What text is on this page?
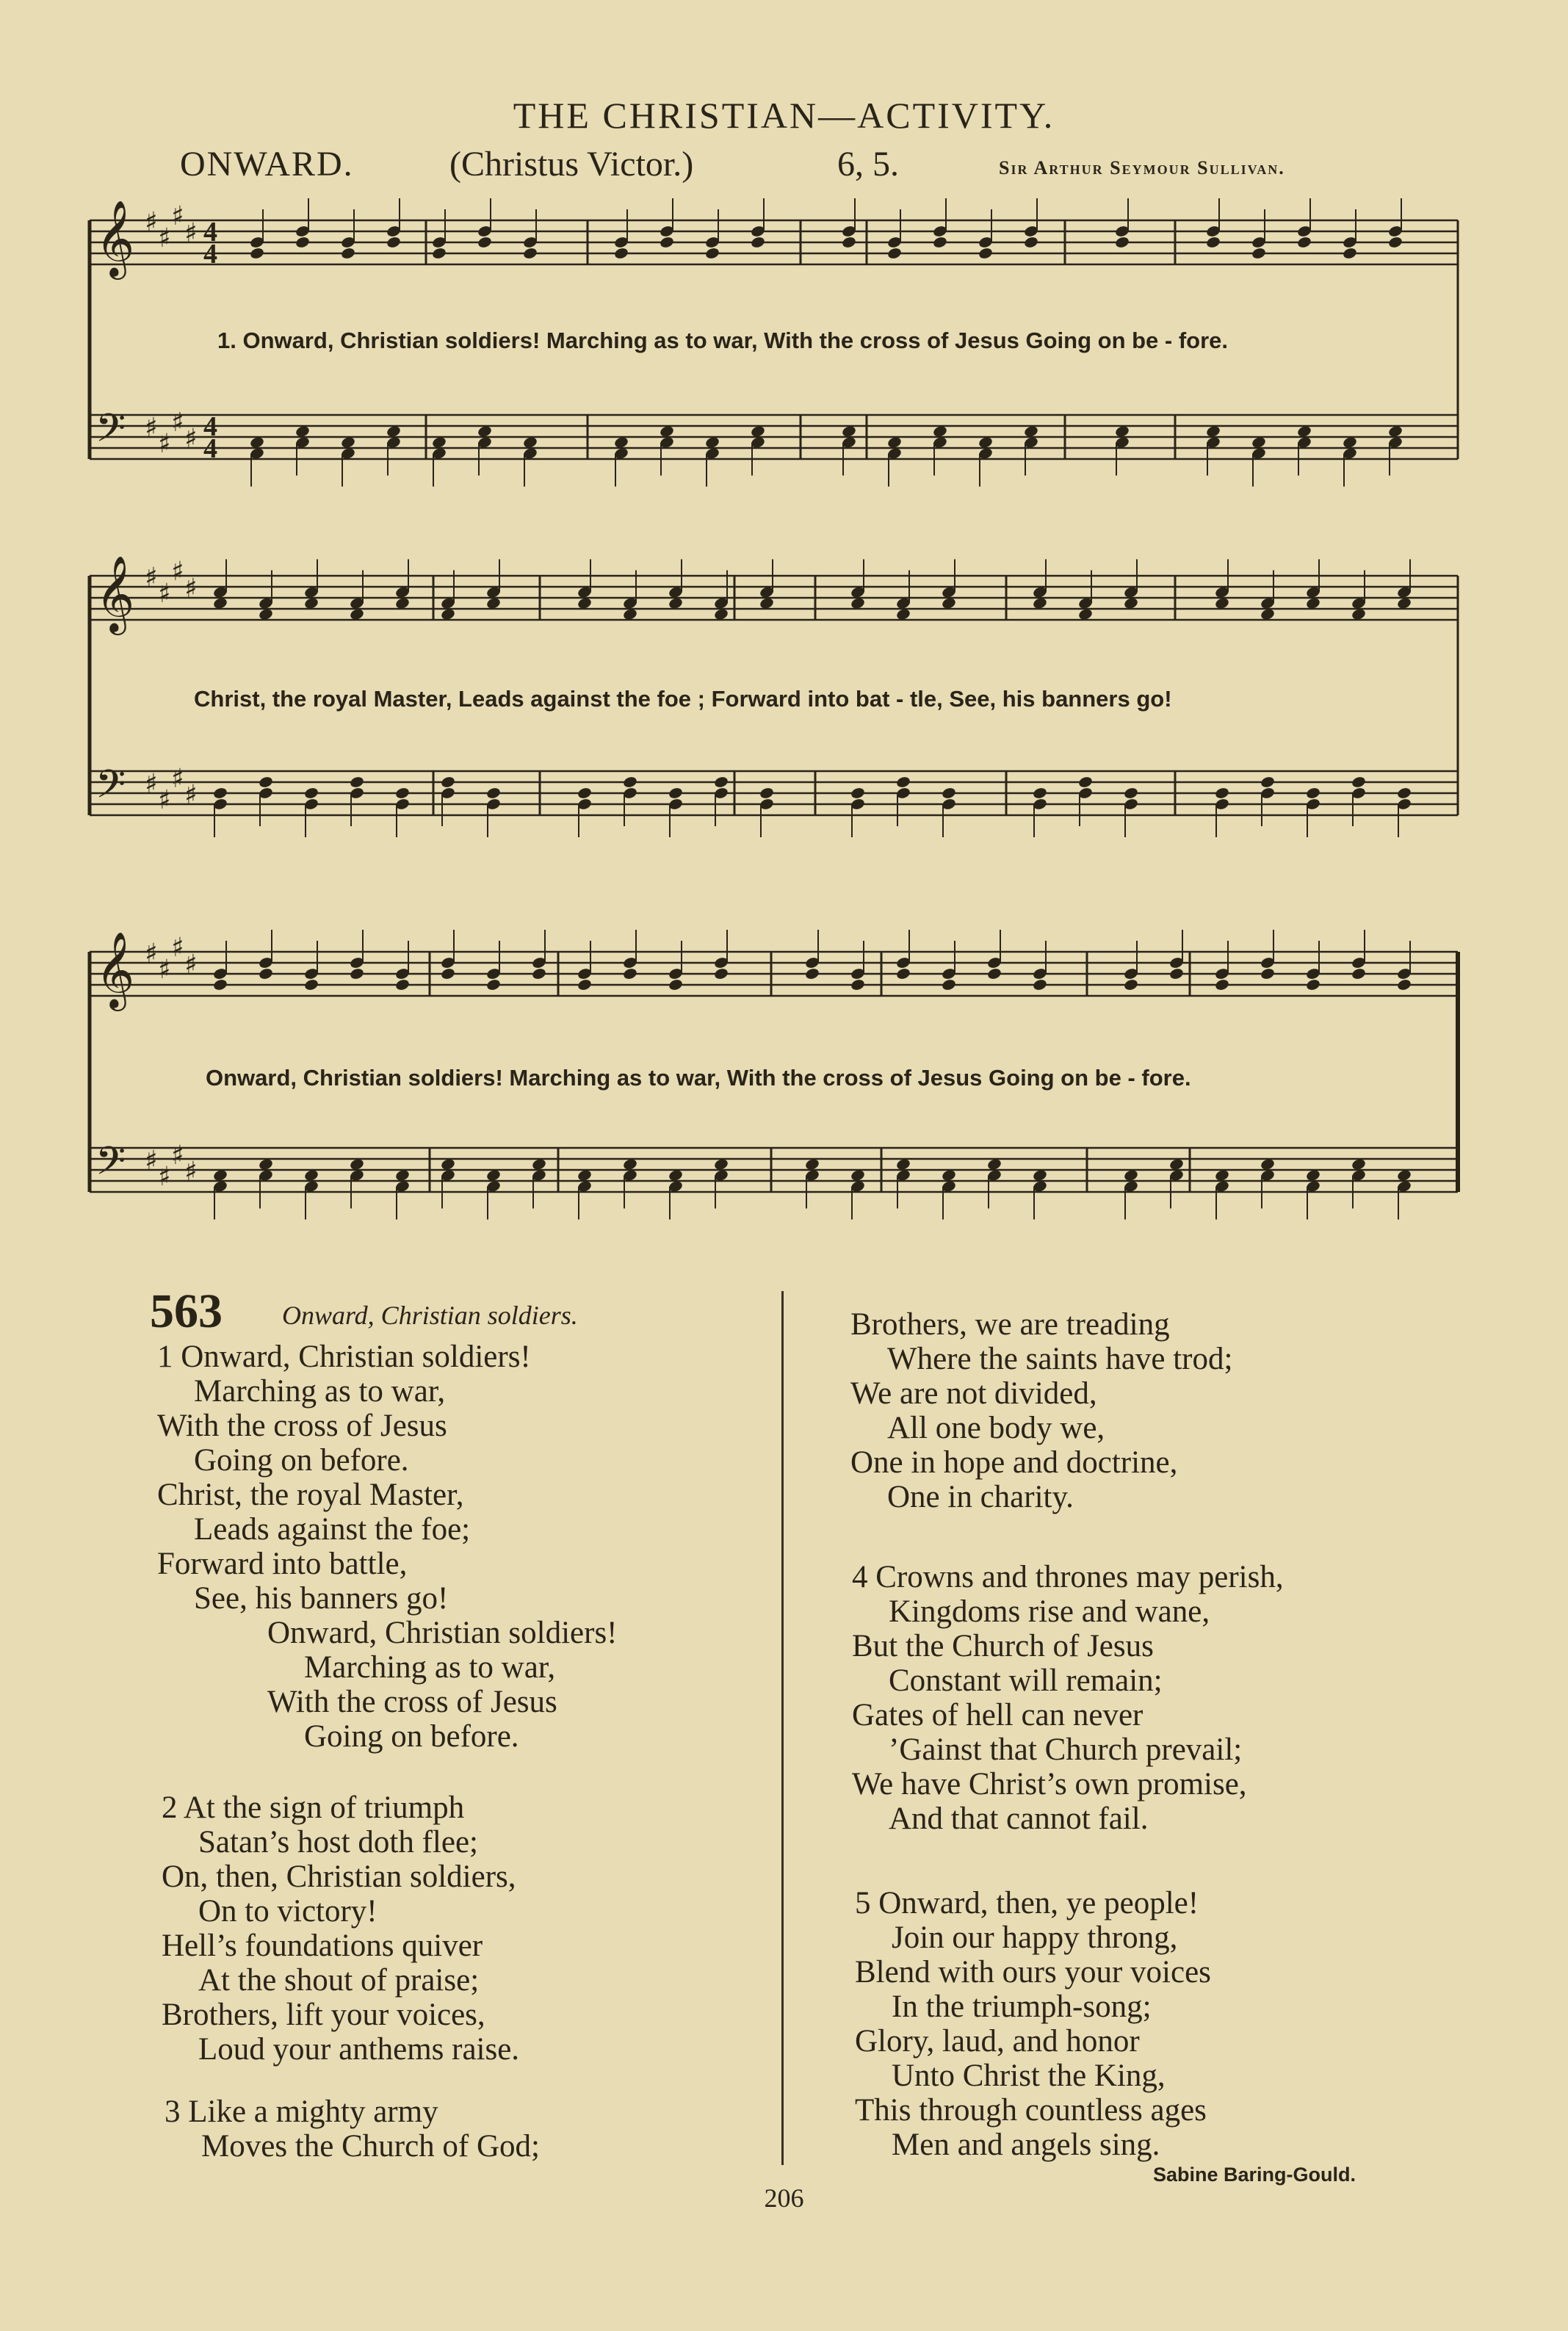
THE CHRISTIAN—ACTIVITY.
ONWARD.	(Christus Victor.)	6, 5.	Sir Arthur Seymour Sullivan.
𝄞 ♯
♯
♯
♯ 4
4
𝄢 ♯
♯
♯
♯ 4
4
𝄞 ♯
♯
♯
♯
𝄢 ♯
♯
♯
♯
𝄞 ♯
♯
♯
♯
𝄢 ♯
♯
♯
♯
1. Onward, Christian soldiers! Marching as to war, With the cross of Jesus Going on be - fore.
Christ, the royal Master, Leads against the foe ; Forward into bat - tle, See, his banners go!
Onward, Christian soldiers! Marching as to war, With the cross of Jesus Going on be - fore.
563 Onward, Christian soldiers.
1 Onward, Christian soldiers!
Marching as to war,
With the cross of Jesus
Going on before.
Christ, the royal Master,
Leads against the foe;
Forward into battle,
See, his banners go!
Onward, Christian soldiers!
Marching as to war,
With the cross of Jesus
Going on before.
2 At the sign of triumph
Satan’s host doth flee;
On, then, Christian soldiers,
On to victory!
Hell’s foundations quiver
At the shout of praise;
Brothers, lift your voices,
Loud your anthems raise.
3 Like a mighty army
Moves the Church of God;
Brothers, we are treading
Where the saints have trod;
We are not divided,
All one body we,
One in hope and doctrine,
One in charity.
4 Crowns and thrones may perish,
Kingdoms rise and wane,
But the Church of Jesus
Constant will remain;
Gates of hell can never
’Gainst that Church prevail;
We have Christ’s own promise,
And that cannot fail.
5 Onward, then, ye people!
Join our happy throng,
Blend with ours your voices
In the triumph-song;
Glory, laud, and honor
Unto Christ the King,
This through countless ages
Men and angels sing.
Sabine Baring-Gould.
206
